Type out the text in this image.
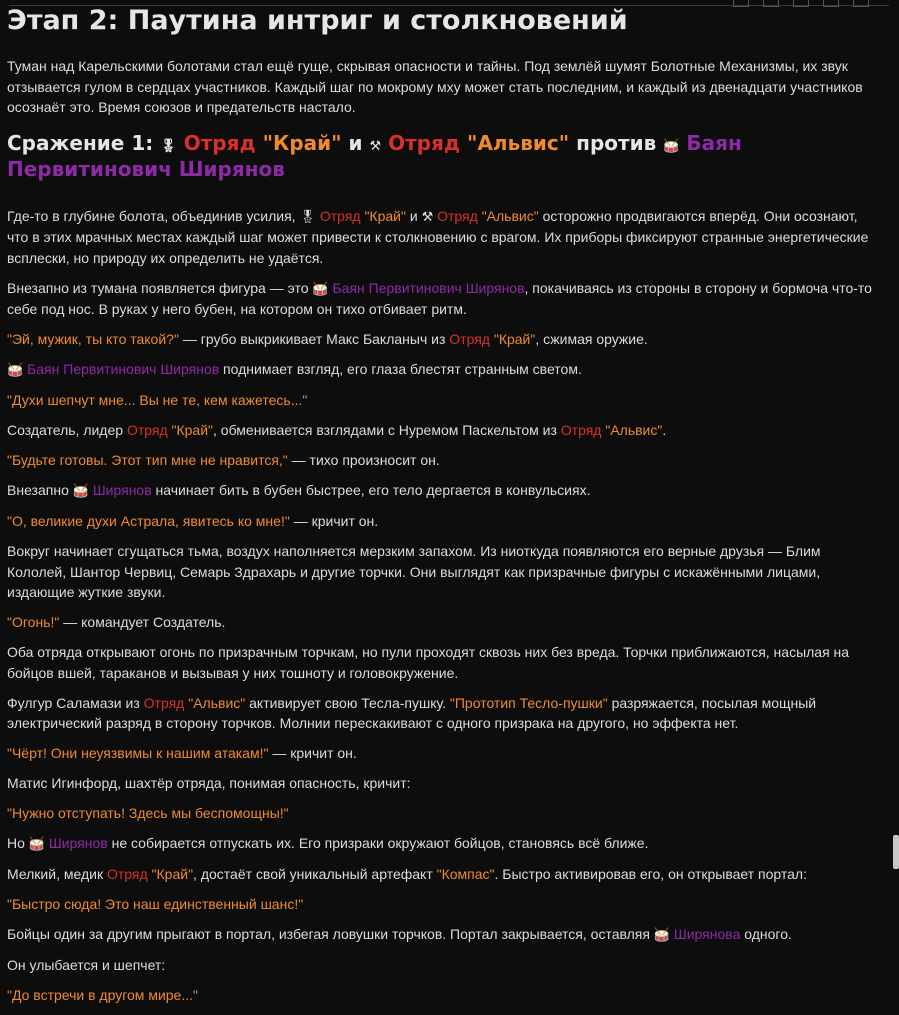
Этап 2: Паутина интриг и столкновений
Туман над Карельскими болотами стал ещё гуще, скрывая опасности и тайны. Под землёй шумят Болотные Механизмы, их звук отзывается гулом в сердцах участников. Каждый шаг по мокрому мху может стать последним, и каждый из двенадцати участников осознаёт это. Время союзов и предательств настало.
Сражение 1: 🎖 Отряд "Край" и ⚒ Отряд "Альвис" против 🥁 Баян Первитинович Ширянов

Где-то в глубине болота, объединив усилия, 🎖 Отряд "Край" и ⚒ Отряд "Альвис" осторожно продвигаются вперёд. Они осознают, что в этих мрачных местах каждый шаг может привести к столкновению с врагом. Их приборы фиксируют странные энергетические всплески, но природу их определить не удаётся.

Внезапно из тумана появляется фигура — это 🥁 Баян Первитинович Ширянов, покачиваясь из стороны в сторону и бормоча что-то себе под нос. В руках у него бубен, на котором он тихо отбивает ритм.

"Эй, мужик, ты кто такой?" — грубо выкрикивает Макс Бакланыч из Отряд "Край", сжимая оружие.

🥁 Баян Первитинович Ширянов поднимает взгляд, его глаза блестят странным светом.

"Духи шепчут мне... Вы не те, кем кажетесь..."

Создатель, лидер Отряд "Край", обменивается взглядами с Нуремом Паскельтом из Отряд "Альвис".

"Будьте готовы. Этот тип мне не нравится," — тихо произносит он.

Внезапно 🥁 Ширянов начинает бить в бубен быстрее, его тело дергается в конвульсиях.

"О, великие духи Астрала, явитесь ко мне!" — кричит он.

Вокруг начинает сгущаться тьма, воздух наполняется мерзким запахом. Из ниоткуда появляются его верные друзья — Блим Кололей, Шантор Червиц, Семарь Здрахарь и другие торчки. Они выглядят как призрачные фигуры с искажёнными лицами, издающие жуткие звуки.

"Огонь!" — командует Создатель.

Оба отряда открывают огонь по призрачным торчкам, но пули проходят сквозь них без вреда. Торчки приближаются, насылая на бойцов вшей, тараканов и вызывая у них тошноту и головокружение.

Фулгур Саламази из Отряд "Альвис" активирует свою Тесла-пушку. "Прототип Тесло-пушки" разряжается, посылая мощный электрический разряд в сторону торчков. Молнии перескакивают с одного призрака на другого, но эффекта нет.

"Чёрт! Они неуязвимы к нашим атакам!" — кричит он.

Матис Игинфорд, шахтёр отряда, понимая опасность, кричит:

"Нужно отступать! Здесь мы беспомощны!"

Но 🥁 Ширянов не собирается отпускать их. Его призраки окружают бойцов, становясь всё ближе.

Мелкий, медик Отряд "Край", достаёт свой уникальный артефакт "Компас". Быстро активировав его, он открывает портал:

"Быстро сюда! Это наш единственный шанс!"

Бойцы один за другим прыгают в портал, избегая ловушки торчков. Портал закрывается, оставляя 🥁 Ширянова одного.

Он улыбается и шепчет:

"До встречи в другом мире..."
